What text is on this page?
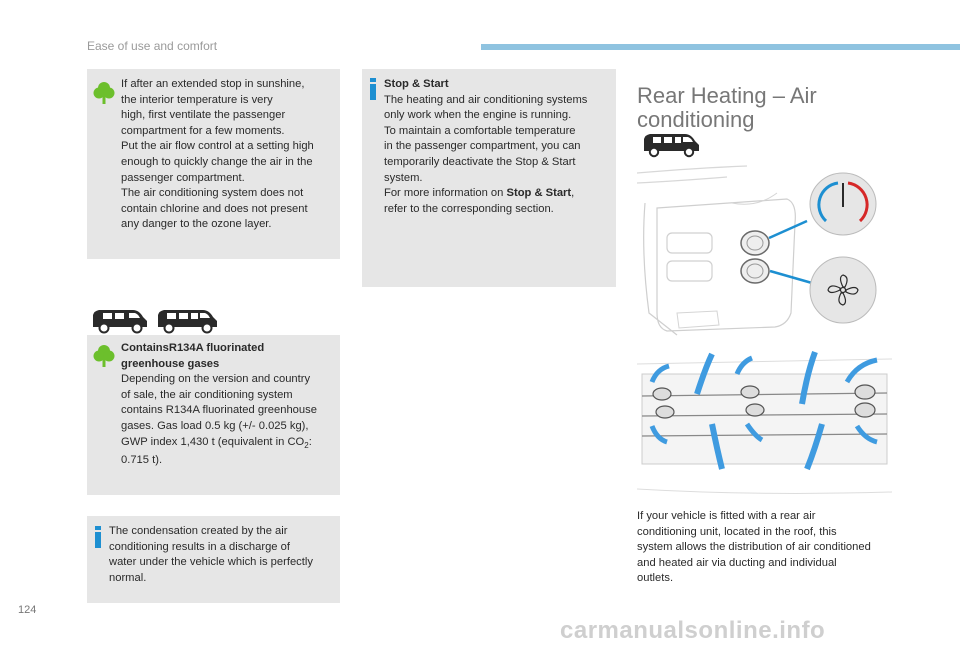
Ease of use and comfort

If after an extended stop in sunshine,

the interior temperature is very

high, first ventilate the passenger

compartment for a few moments.

Put the air flow control at a setting high

enough to quickly change the air in the

passenger compartment.

The air conditioning system does not

contain chlorine and does not present

any danger to the ozone layer.

Stop & Start

The heating and air conditioning systems

only work when the engine is running.

To maintain a comfortable temperature

in the passenger compartment, you can

temporarily deactivate the Stop & Start

system.

For more information on Stop & Start,

refer to the corresponding section.

ContainsR134A fluorinated

greenhouse gases

Depending on the version and country

of sale, the air conditioning system

contains R134A fluorinated greenhouse

gases. Gas load 0.5 kg (+/- 0.025 kg),

GWP index 1,430 t (equivalent in $CO_2$:

0.715 t).

The condensation created by the air

conditioning results in a discharge of

water under the vehicle which is perfectly

normal.

Rear Heating – Air
conditioning

If your vehicle is fitted with a rear air

conditioning unit, located in the roof, this

system allows the distribution of air conditioned

and heated air via ducting and individual

outlets.

124
carmanualsonline.info
